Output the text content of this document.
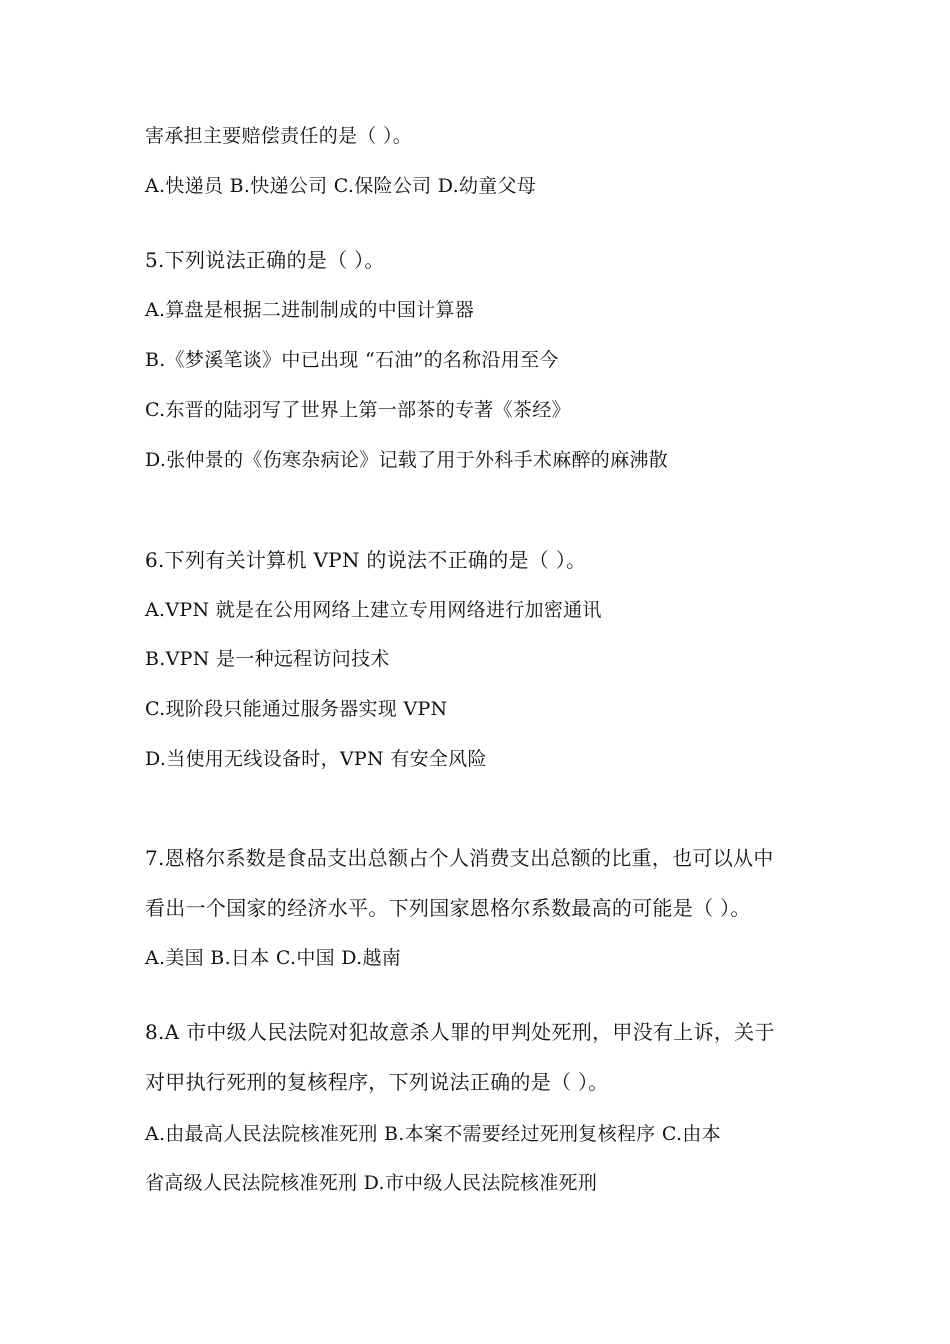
害承担主要赔偿责任的是（ ）。
A.快递员 B.快递公司 C.保险公司 D.幼童父母
5.下列说法正确的是（ ）。
A.算盘是根据二进制制成的中国计算器
B.《梦溪笔谈》中已出现 “石油”的名称沿用至今
C.东晋的陆羽写了世界上第一部茶的专著《茶经》
D.张仲景的《伤寒杂病论》记载了用于外科手术麻醉的麻沸散
6.下列有关计算机 VPN 的说法不正确的是（ ）。
A.VPN 就是在公用网络上建立专用网络进行加密通讯
B.VPN 是一种远程访问技术
C.现阶段只能通过服务器实现 VPN
D.当使用无线设备时，VPN 有安全风险
7.恩格尔系数是食品支出总额占个人消费支出总额的比重，也可以从中
看出一个国家的经济水平。下列国家恩格尔系数最高的可能是（ ）。
A.美国 B.日本 C.中国 D.越南
8.A 市中级人民法院对犯故意杀人罪的甲判处死刑，甲没有上诉，关于
对甲执行死刑的复核程序，下列说法正确的是（ ）。
A.由最高人民法院核准死刑 B.本案不需要经过死刑复核程序 C.由本
省高级人民法院核准死刑 D.市中级人民法院核准死刑
